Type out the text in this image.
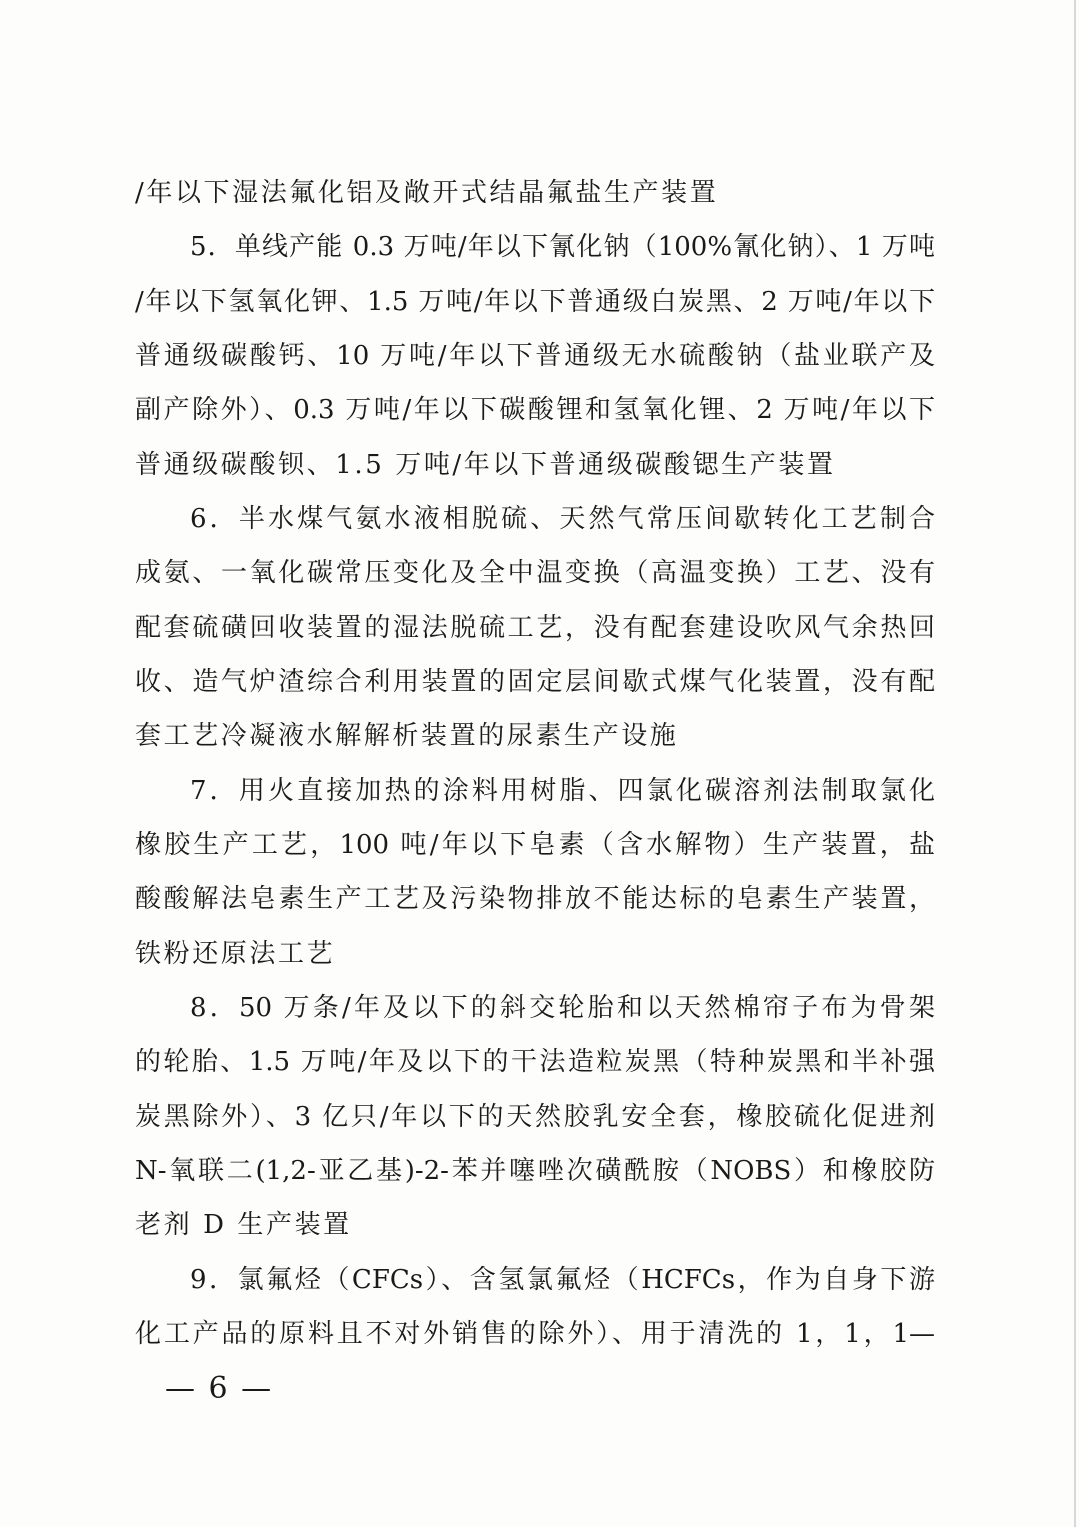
/年以下湿法氟化铝及敞开式结晶氟盐生产装置
5．单线产能 0.3 万吨/年以下氰化钠（100%氰化钠）、1 万吨
/年以下氢氧化钾、1.5 万吨/年以下普通级白炭黑、2 万吨/年以下
普通级碳酸钙、10 万吨/年以下普通级无水硫酸钠（盐业联产及
副产除外）、0.3 万吨/年以下碳酸锂和氢氧化锂、2 万吨/年以下
普通级碳酸钡、1.5 万吨/年以下普通级碳酸锶生产装置
6．半水煤气氨水液相脱硫、天然气常压间歇转化工艺制合
成氨、一氧化碳常压变化及全中温变换（高温变换）工艺、没有
配套硫磺回收装置的湿法脱硫工艺，没有配套建设吹风气余热回
收、造气炉渣综合利用装置的固定层间歇式煤气化装置，没有配
套工艺冷凝液水解解析装置的尿素生产设施
7．用火直接加热的涂料用树脂、四氯化碳溶剂法制取氯化
橡胶生产工艺，100 吨/年以下皂素（含水解物）生产装置，盐
酸酸解法皂素生产工艺及污染物排放不能达标的皂素生产装置，
铁粉还原法工艺
8．50 万条/年及以下的斜交轮胎和以天然棉帘子布为骨架
的轮胎、1.5 万吨/年及以下的干法造粒炭黑（特种炭黑和半补强
炭黑除外）、3 亿只/年以下的天然胶乳安全套，橡胶硫化促进剂
N-氧联二(1,2-亚乙基)-2-苯并噻唑次磺酰胺（NOBS）和橡胶防
老剂 D 生产装置
9．氯氟烃（CFCs）、含氢氯氟烃（HCFCs，作为自身下游
化工产品的原料且不对外销售的除外）、用于清洗的 1，1，1—
— 6 —
